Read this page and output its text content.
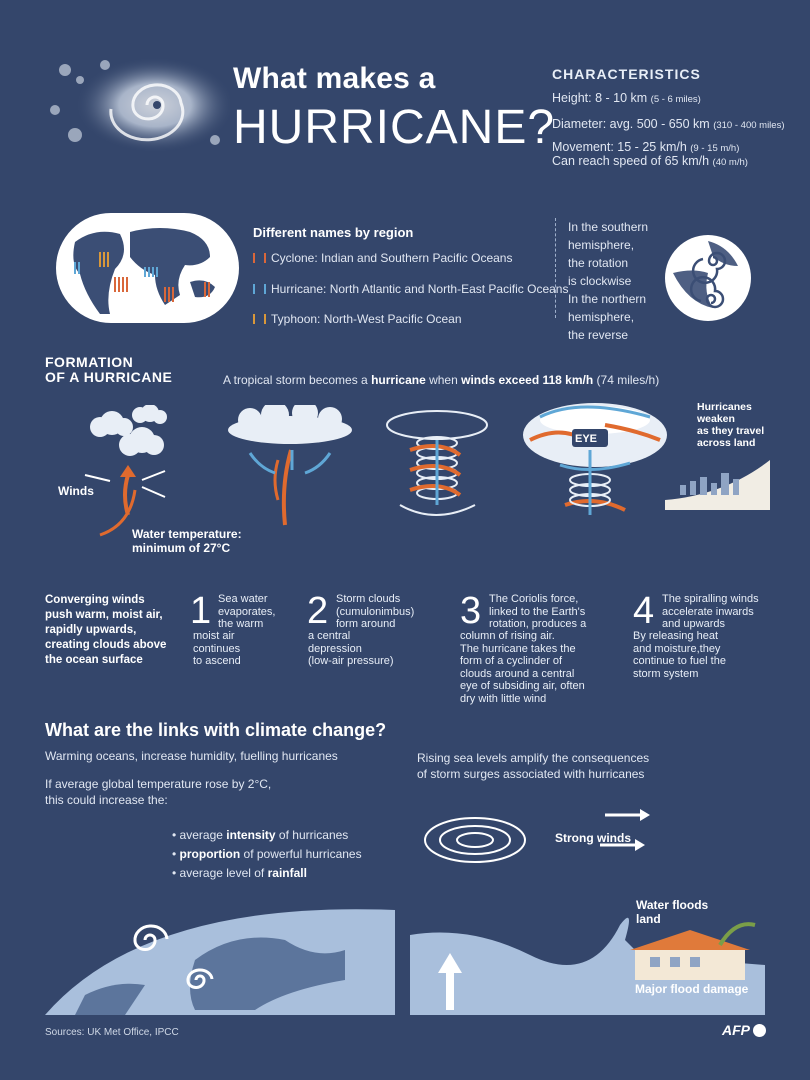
What makes a
HURRICANE?
CHARACTERISTICS
Height: 8 - 10 km (5 - 6 miles)
Diameter: avg. 500 - 650 km (310 - 400 miles)
Movement: 15 - 25 km/h (9 - 15 m/h)
Can reach speed of 65 km/h (40 m/h)
Different names by region
Cyclone: Indian and Southern Pacific Oceans
Hurricane: North Atlantic and North-East Pacific Oceans
Typhoon: North-West Pacific Ocean
In the southern hemisphere,
the rotation
is clockwise
In the northern
hemisphere,
the reverse
FORMATION
OF A HURRICANE	A tropical storm becomes a hurricane when winds exceed 118 km/h (74 miles/h)
Winds
Water temperature:
minimum of 27°C
EYE
Hurricanes
weaken
as they travel
across land
Converging winds
push warm, moist air,
rapidly upwards,
creating clouds above
the ocean surface
1 Sea water
evaporates,
the warm
moist air
continues
to ascend
2 Storm clouds
(cumulonimbus)
form around
a central
depression
(low-air pressure)
3 The Coriolis force,
linked to the Earth's
rotation, produces a
column of rising air.
The hurricane takes the
form of a cyclinder of
clouds around a central
eye of subsiding air, often
dry with little wind
4 The spiralling winds
accelerate inwards
and upwards
By releasing heat
and moisture,they
continue to fuel the
storm system
What are the links with climate change?
Warming oceans, increase humidity, fuelling hurricanes
If average global temperature rose by 2°C,
this could increase the:
• average intensity of hurricanes
• proportion of powerful hurricanes
• average level of rainfall
Rising sea levels amplify the consequences
of storm surges associated with hurricanes
Strong winds
Water floods
land
Major flood damage
Sources: UK Met Office, IPCC	AFP
